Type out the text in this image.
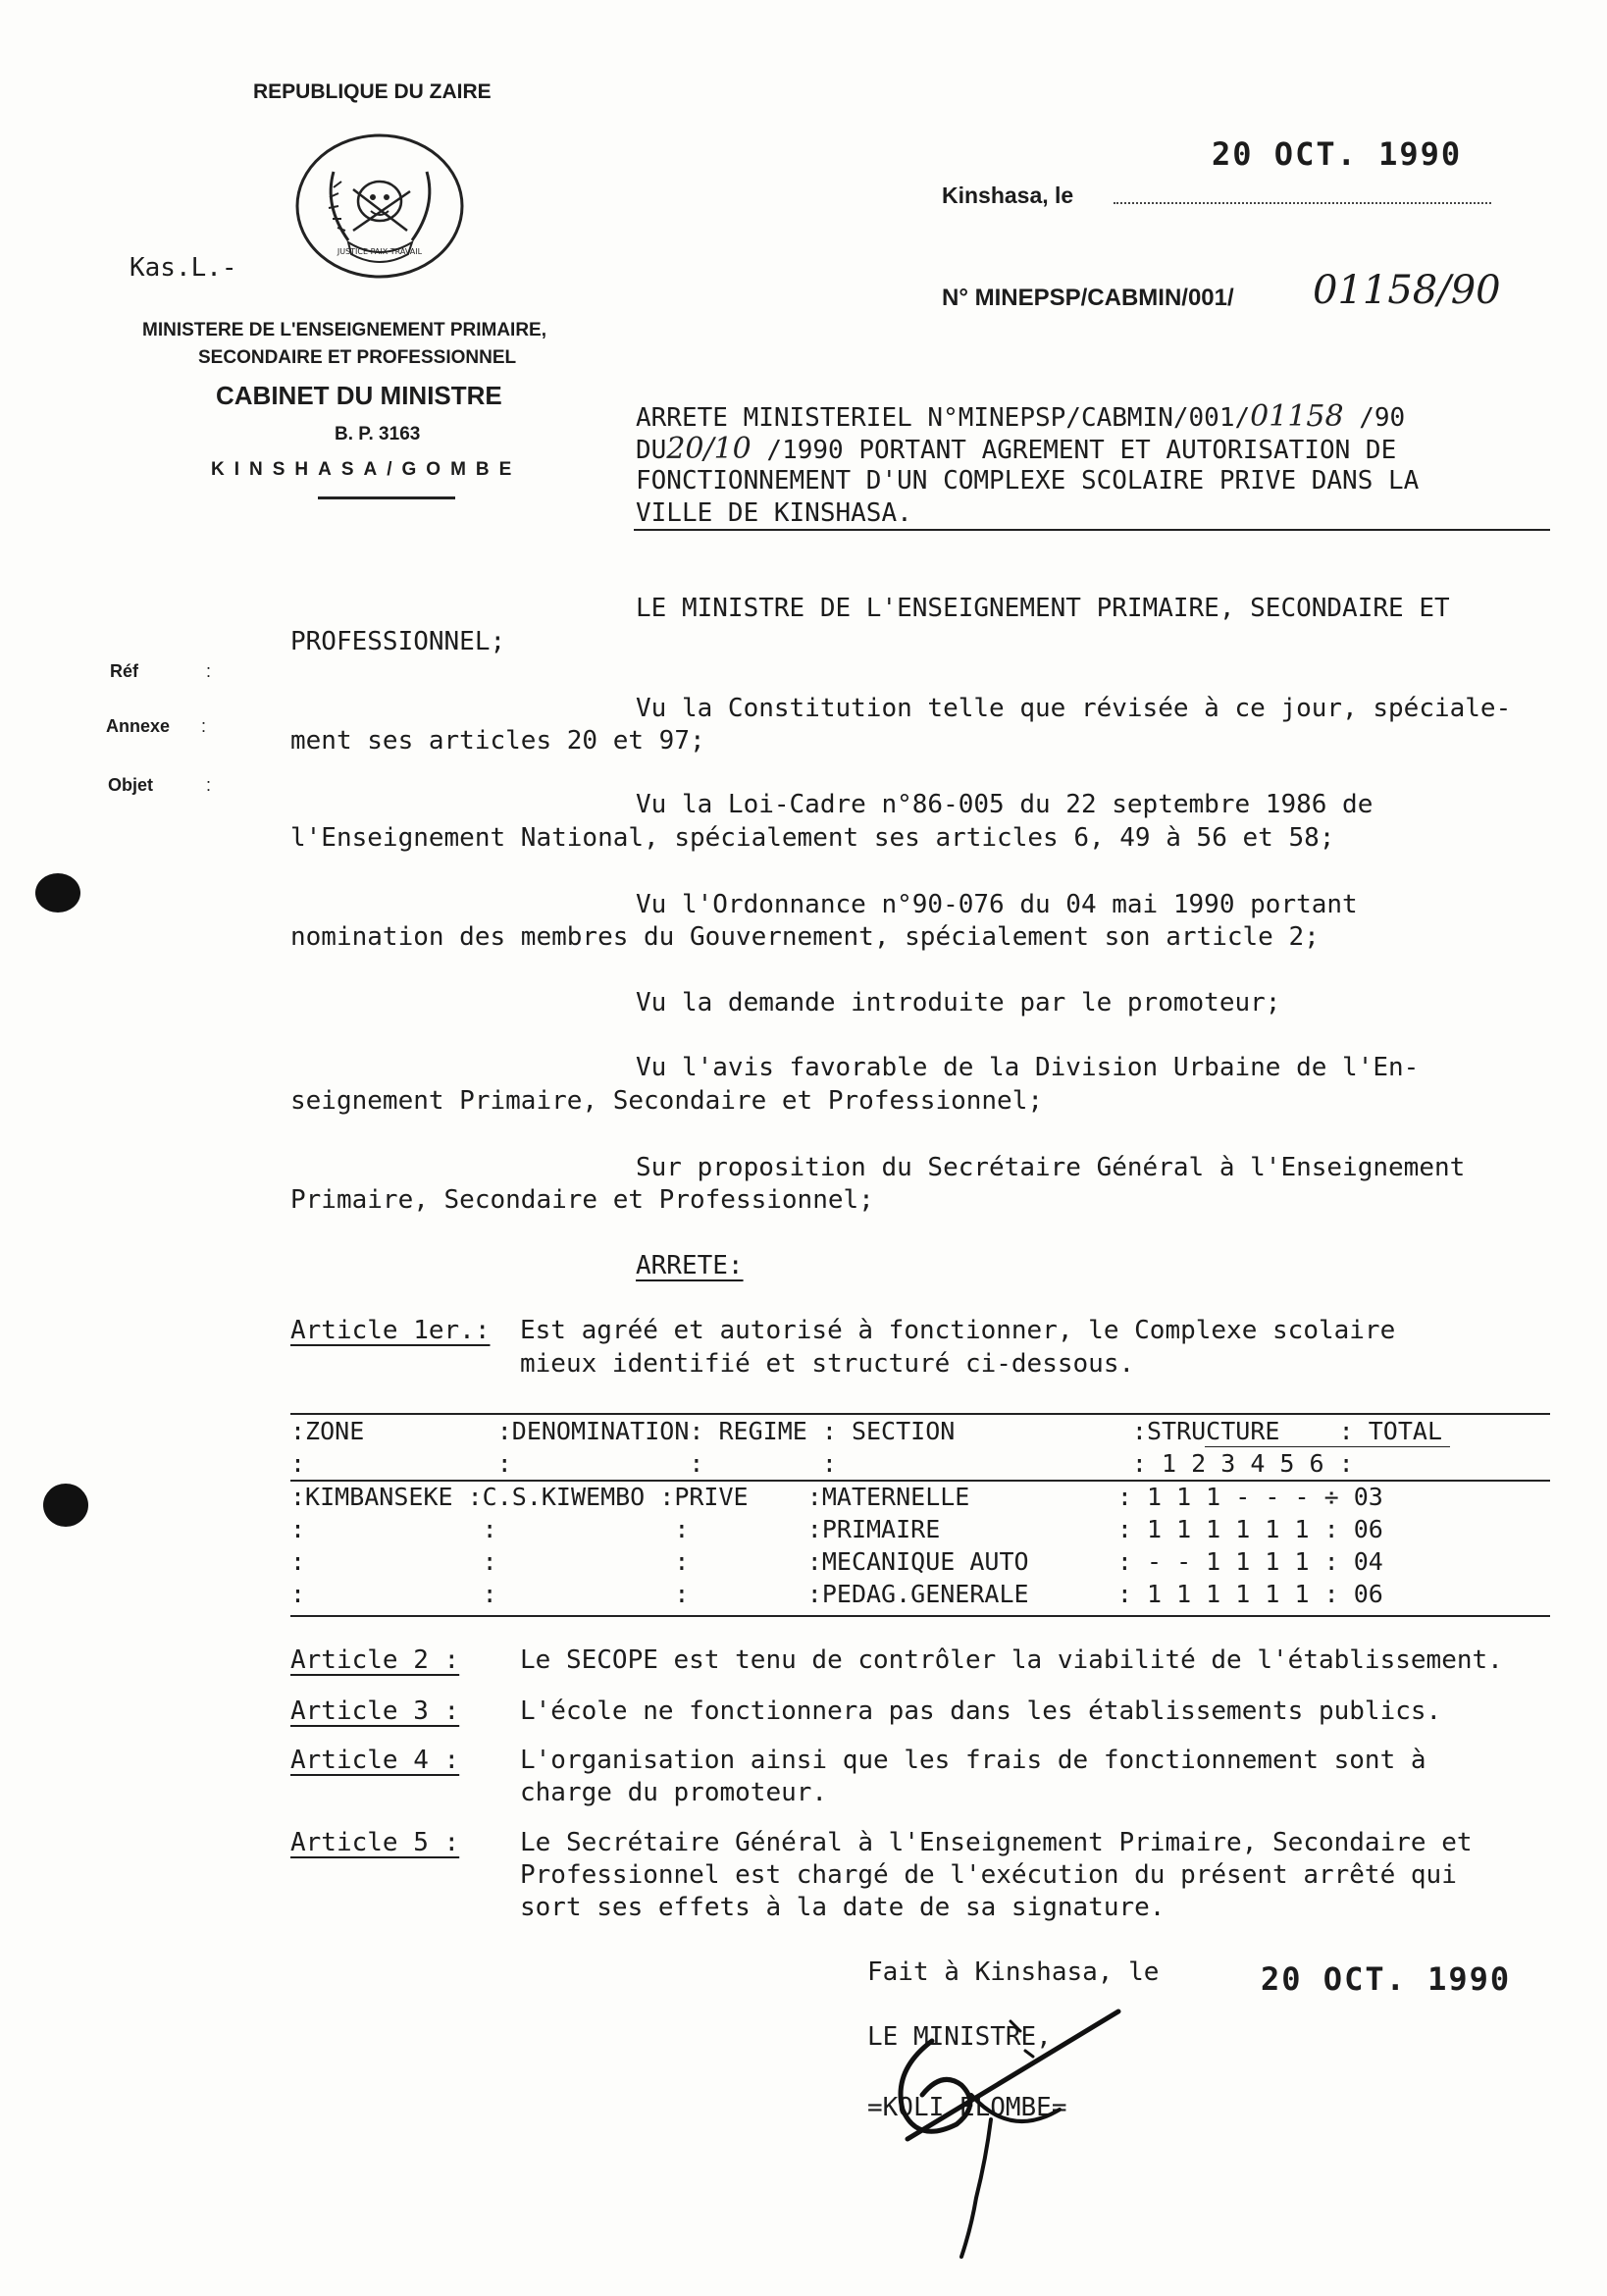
REPUBLIQUE DU ZAIRE
JUSTICE PAIX TRAVAIL
Kas.L.-
MINISTERE DE L'ENSEIGNEMENT PRIMAIRE,
SECONDAIRE ET PROFESSIONNEL
CABINET DU MINISTRE
B. P. 3163
KINSHASA/GOMBE
20 OCT. 1990
Kinshasa, le
N° MINEPSP/CABMIN/001/ 01158/90
Réf	:
Annexe :
Objet	:
ARRETE MINISTERIEL N°MINEPSP/CABMIN/001/01158 /90
DU20/10 /1990 PORTANT AGREMENT ET AUTORISATION DE
FONCTIONNEMENT D'UN COMPLEXE SCOLAIRE PRIVE DANS LA
VILLE DE KINSHASA.
LE MINISTRE DE L'ENSEIGNEMENT PRIMAIRE, SECONDAIRE ET
PROFESSIONNEL;
Vu la Constitution telle que révisée à ce jour, spéciale-
ment ses articles 20 et 97;
Vu la Loi-Cadre n°86-005 du 22 septembre 1986 de
l'Enseignement National, spécialement ses articles 6, 49 à 56 et 58;
Vu l'Ordonnance n°90-076 du 04 mai 1990 portant
nomination des membres du Gouvernement, spécialement son article 2;
Vu la demande introduite par le promoteur;
Vu l'avis favorable de la Division Urbaine de l'En-
seignement Primaire, Secondaire et Professionnel;
Sur proposition du Secrétaire Général à l'Enseignement
Primaire, Secondaire et Professionnel;
ARRETE:
Article 1er.: Est agréé et autorisé à fonctionner, le Complexe scolaire
mieux identifié et structuré ci-dessous.
:ZONE         :DENOMINATION: REGIME : SECTION            :STRUCTURE    : TOTAL
:             :            :        :                    : 1 2 3 4 5 6 :
:KIMBANSEKE :C.S.KIWEMBO :PRIVE    :MATERNELLE          : 1 1 1 - - - ÷ 03
:            :            :        :PRIMAIRE            : 1 1 1 1 1 1 : 06
:            :            :        :MECANIQUE AUTO      : - - 1 1 1 1 : 04
:            :            :        :PEDAG.GENERALE      : 1 1 1 1 1 1 : 06
Article 2 : Le SECOPE est tenu de contrôler la viabilité de l'établissement.
Article 3 : L'école ne fonctionnera pas dans les établissements publics.
Article 4 : L'organisation ainsi que les frais de fonctionnement sont à
charge du promoteur.
Article 5 : Le Secrétaire Général à l'Enseignement Primaire, Secondaire et
Professionnel est chargé de l'exécution du présent arrêté qui
sort ses effets à la date de sa signature.
Fait à Kinshasa, le	20 OCT. 1990
LE MINISTRE,
=KOLI ELOMBE=
